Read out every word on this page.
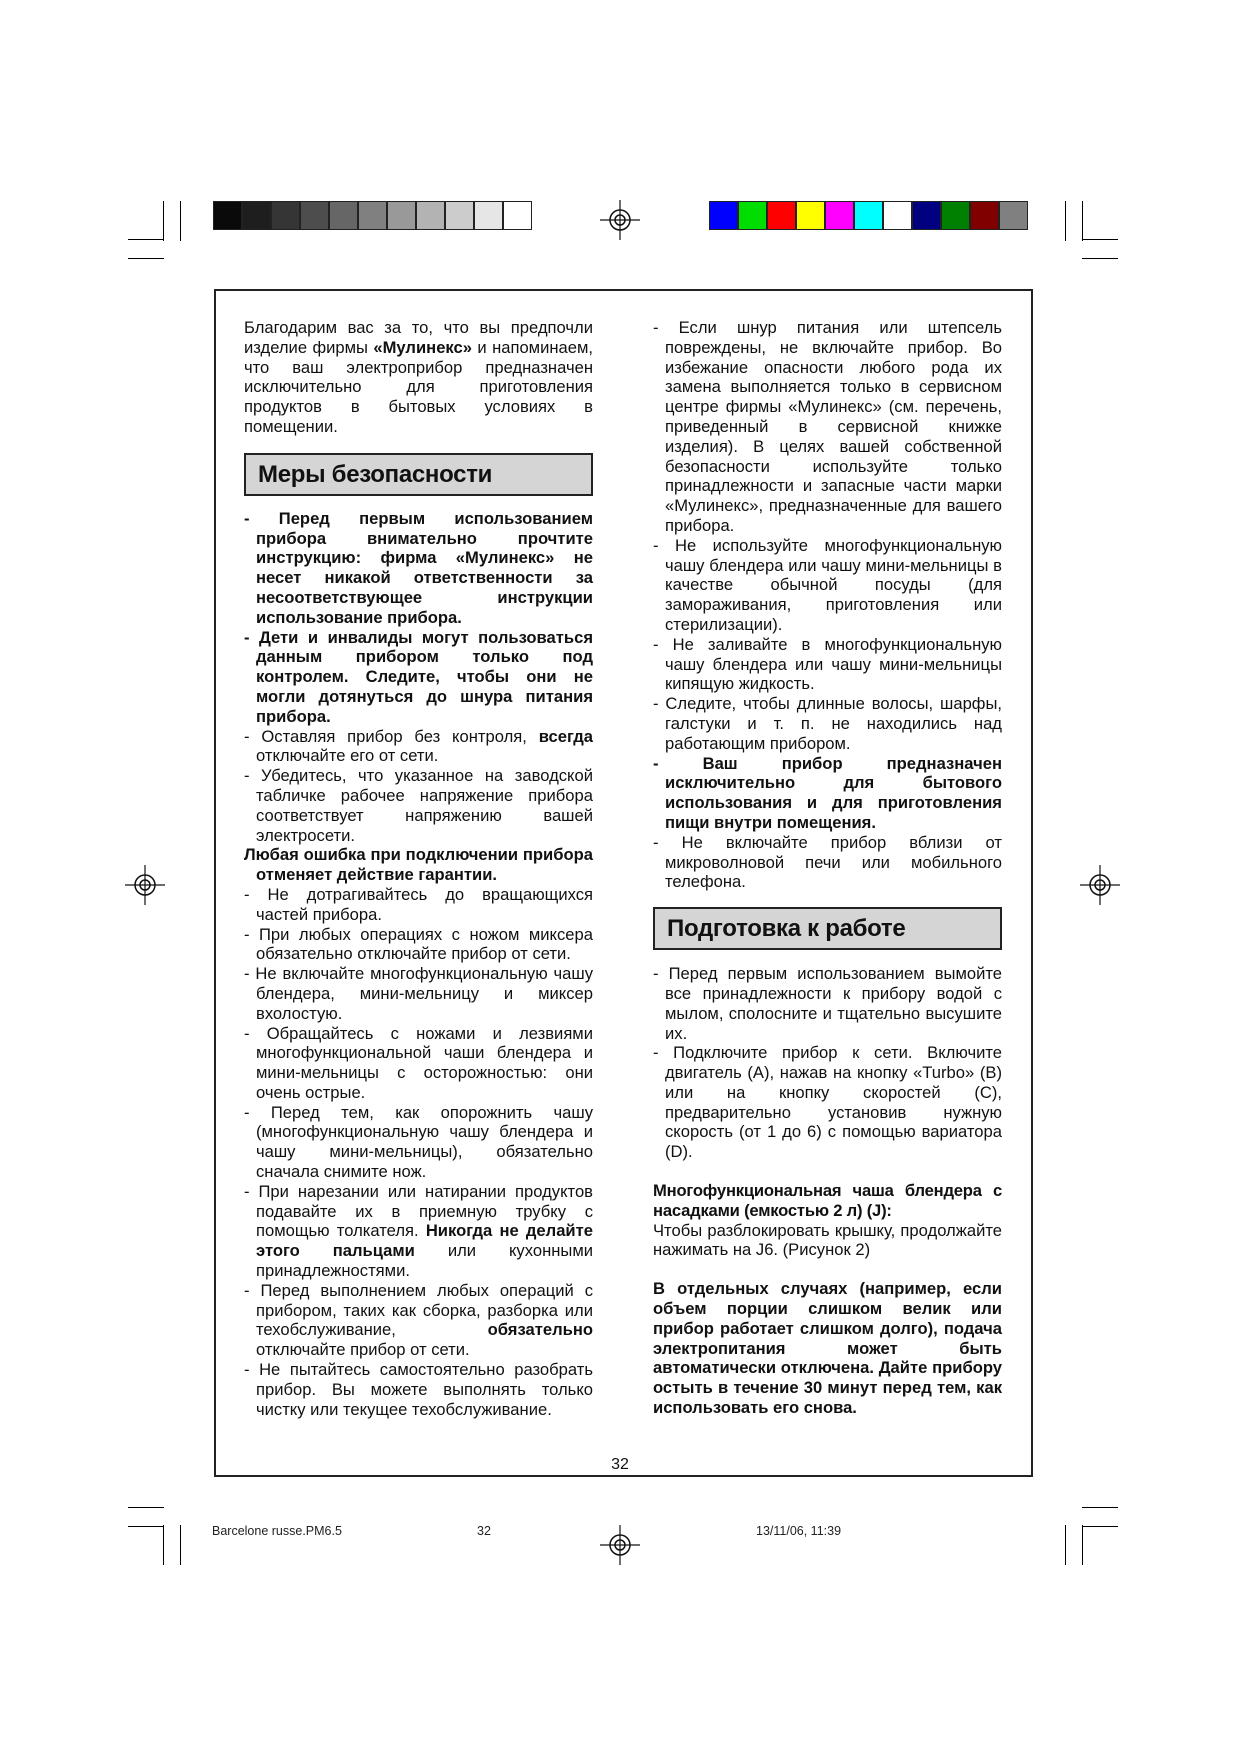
Благодарим вас за то, что вы предпочли изделие фирмы «Мулинекс» и напоминаем, что ваш электроприбор предназначен исключительно для приготовления продуктов в бытовых условиях в помещении.

Меры безопасности

- Перед первым использованием прибора внимательно прочтите инструкцию: фирма «Мулинекс» не несет никакой ответственности за несоответствующее инструкции использование прибора.

- Дети и инвалиды могут пользоваться данным прибором только под контролем. Следите, чтобы они не могли дотянуться до шнура питания прибора.

- Оставляя прибор без контроля, всегда отключайте его от сети.

- Убедитесь, что указанное на заводской табличке рабочее напряжение прибора соответствует напряжению вашей электросети.

Любая ошибка при подключении прибора отменяет действие гарантии.

- Не дотрагивайтесь до вращающихся частей прибора.

- При любых операциях с ножом миксера обязательно отключайте прибор от сети.

- Не включайте многофункциональную чашу блендера, мини-мельницу и миксер вхолостую.

- Обращайтесь с ножами и лезвиями многофункциональной чаши блендера и мини-мельницы с осторожностью: они очень острые.

- Перед тем, как опорожнить чашу (многофункциональную чашу блендера и чашу мини-мельницы), обязательно сначала снимите нож.

- При нарезании или натирании продуктов подавайте их в приемную трубку с помощью толкателя. Никогда не делайте этого пальцами или кухонными принадлежностями.

- Перед выполнением любых операций с прибором, таких как сборка, разборка или техобслуживание, обязательно отключайте прибор от сети.

- Не пытайтесь самостоятельно разобрать прибор. Вы можете выполнять только чистку или текущее техобслуживание.

- Если шнур питания или штепсель повреждены, не включайте прибор. Во избежание опасности любого рода их замена выполняется только в сервисном центре фирмы «Мулинекс» (см. перечень, приведенный в сервисной книжке изделия). В целях вашей собственной безопасности используйте только принадлежности и запасные части марки «Мулинекс», предназначенные для вашего прибора.

- Не используйте многофункциональную чашу блендера или чашу мини-мельницы в качестве обычной посуды (для замораживания, приготовления или стерилизации).

- Не заливайте в многофункциональную чашу блендера или чашу мини-мельницы кипящую жидкость.

- Следите, чтобы длинные волосы, шарфы, галстуки и т. п. не находились над работающим прибором.

- Ваш прибор предназначен исключительно для бытового использования и для приготовления пищи внутри помещения.

- Не включайте прибор вблизи от микроволновой печи или мобильного телефона.

Подготовка к работе

- Перед первым использованием вымойте все принадлежности к прибору водой с мылом, сполосните и тщательно высушите их.

- Подключите прибор к сети. Включите двигатель (A), нажав на кнопку «Turbo» (B) или на кнопку скоростей (C), предварительно установив нужную скорость (от 1 до 6) с помощью вариатора (D).

Многофункциональная чаша блендера с насадками (емкостью 2 л) (J):

Чтобы разблокировать крышку, продолжайте нажимать на J6. (Рисунок 2)

В отдельных случаях (например, если объем порции слишком велик или прибор работает слишком долго), подача электропитания может быть автоматически отключена. Дайте прибору остыть в течение 30 минут перед тем, как использовать его снова.

32
Barcelone russe.PM6.5	32	13/11/06, 11:39
